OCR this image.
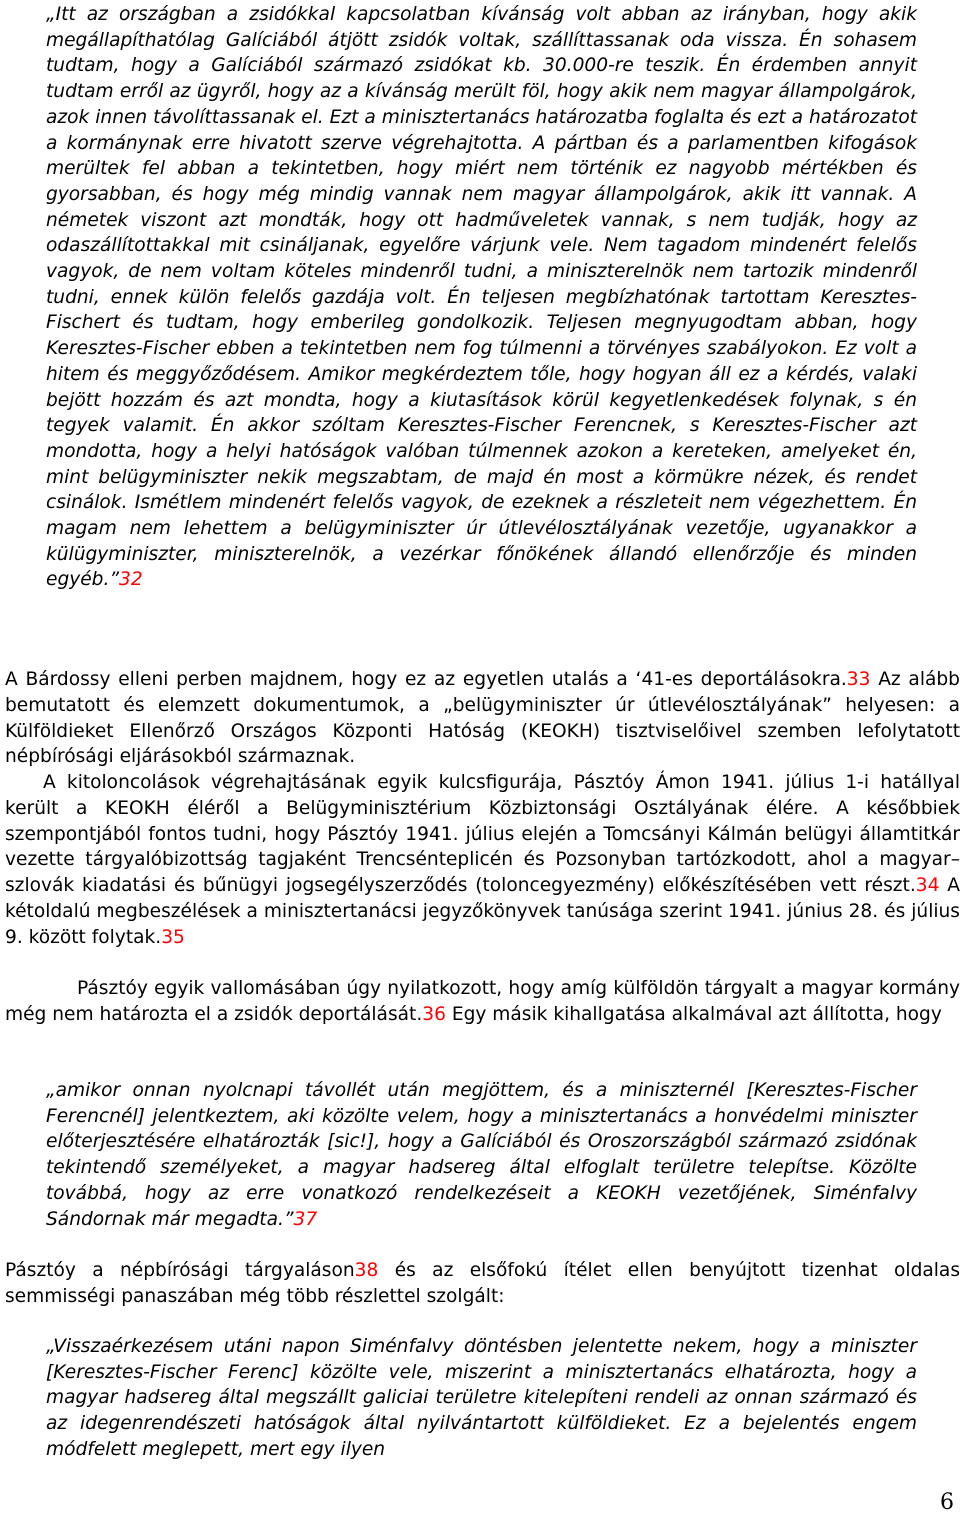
„Itt az országban a zsidókkal kapcsolatban kívánság volt abban az irányban, hogy akik megállapíthatólag Galíciából átjött zsidók voltak, szállíttassanak oda vissza. Én sohasem tudtam, hogy a Galíciából származó zsidókat kb. 30.000-re teszik. Én érdemben annyit tudtam erről az ügyről, hogy az a kívánság merült föl, hogy akik nem magyar állampolgárok, azok innen távolíttassanak el. Ezt a minisztertanács határozatba foglalta és ezt a határozatot a kormánynak erre hivatott szerve végrehajtotta. A pártban és a parlamentben kifogások merültek fel abban a tekintetben, hogy miért nem történik ez nagyobb mértékben és gyorsabban, és hogy még mindig vannak nem magyar állampolgárok, akik itt vannak. A németek viszont azt mondták, hogy ott hadműveletek vannak, s nem tudják, hogy az odaszállítottakkal mit csináljanak, egyelőre várjunk vele. Nem tagadom mindenért felelős vagyok, de nem voltam köteles mindenről tudni, a miniszterelnök nem tartozik mindenről tudni, ennek külön felelős gazdája volt. Én teljesen megbízhatónak tartottam Keresztes-Fischert és tudtam, hogy emberileg gondolkozik. Teljesen megnyugodtam abban, hogy Keresztes-Fischer ebben a tekintetben nem fog túlmenni a törvényes szabályokon. Ez volt a hitem és meggyőződésem. Amikor megkérdeztem tőle, hogy hogyan áll ez a kérdés, valaki bejött hozzám és azt mondta, hogy a kiutasítások körül kegyetlenkedések folynak, s én tegyek valamit. Én akkor szóltam Keresztes-Fischer Ferencnek, s Keresztes-Fischer azt mondotta, hogy a helyi hatóságok valóban túlmennek azokon a kereteken, amelyeket én, mint belügyminiszter nekik megszabtam, de majd én most a körmükre nézek, és rendet csinálok. Ismétlem mindenért felelős vagyok, de ezeknek a részleteit nem végezhettem. Én magam nem lehettem a belügyminiszter úr útlevélosztályának vezetője, ugyanakkor a külügyminiszter, miniszterelnök, a vezérkar főnökének állandó ellenőrzője és minden egyéb.”32

A Bárdossy elleni perben majdnem, hogy ez az egyetlen utalás a ‘41-es deportálásokra.33 Az alább bemutatott és elemzett dokumentumok, a „belügyminiszter úr útlevélosztályának” helyesen: a Külföldieket Ellenőrző Országos Központi Hatóság (KEOKH) tisztviselőivel szemben lefolytatott népbírósági eljárásokból származnak.

A kitoloncolások végrehajtásának egyik kulcsfigurája, Pásztóy Ámon 1941. július 1-i hatállyal került a KEOKH éléről a Belügyminisztérium Közbiztonsági Osztályának élére. A későbbiek szempontjából fontos tudni, hogy Pásztóy 1941. július elején a Tomcsányi Kálmán belügyi államtitkár vezette tárgyalóbizottság tagjaként Trencsénteplicén és Pozsonyban tartózkodott, ahol a magyar–szlovák kiadatási és bűnügyi jogsegélyszerződés (toloncegyezmény) előkészítésében vett részt.34 A kétoldalú megbeszélések a minisztertanácsi jegyzőkönyvek tanúsága szerint 1941. június 28. és július 9. között folytak.35

Pásztóy egyik vallomásában úgy nyilatkozott, hogy amíg külföldön tárgyalt a magyar kormány még nem határozta el a zsidók deportálását.36 Egy másik kihallgatása alkalmával azt állította, hogy

„amikor onnan nyolcnapi távollét után megjöttem, és a miniszternél [Keresztes-Fischer Ferencnél] jelentkeztem, aki közölte velem, hogy a minisztertanács a honvédelmi miniszter előterjesztésére elhatározták [sic!], hogy a Galíciából és Oroszországból származó zsidónak tekintendő személyeket, a magyar hadsereg által elfoglalt területre telepítse. Közölte továbbá, hogy az erre vonatkozó rendelkezéseit a KEOKH vezetőjének, Siménfalvy Sándornak már megadta.”37

Pásztóy a népbírósági tárgyaláson38 és az elsőfokú ítélet ellen benyújtott tizenhat oldalas semmisségi panaszában még több részlettel szolgált:

„Visszaérkezésem utáni napon Siménfalvy döntésben jelentette nekem, hogy a miniszter [Keresztes-Fischer Ferenc] közölte vele, miszerint a minisztertanács elhatározta, hogy a magyar hadsereg által megszállt galiciai területre kitelepíteni rendeli az onnan származó és az idegenrendészeti hatóságok által nyilvántartott külföldieket. Ez a bejelentés engem módfelett meglepett, mert egy ilyen

6
